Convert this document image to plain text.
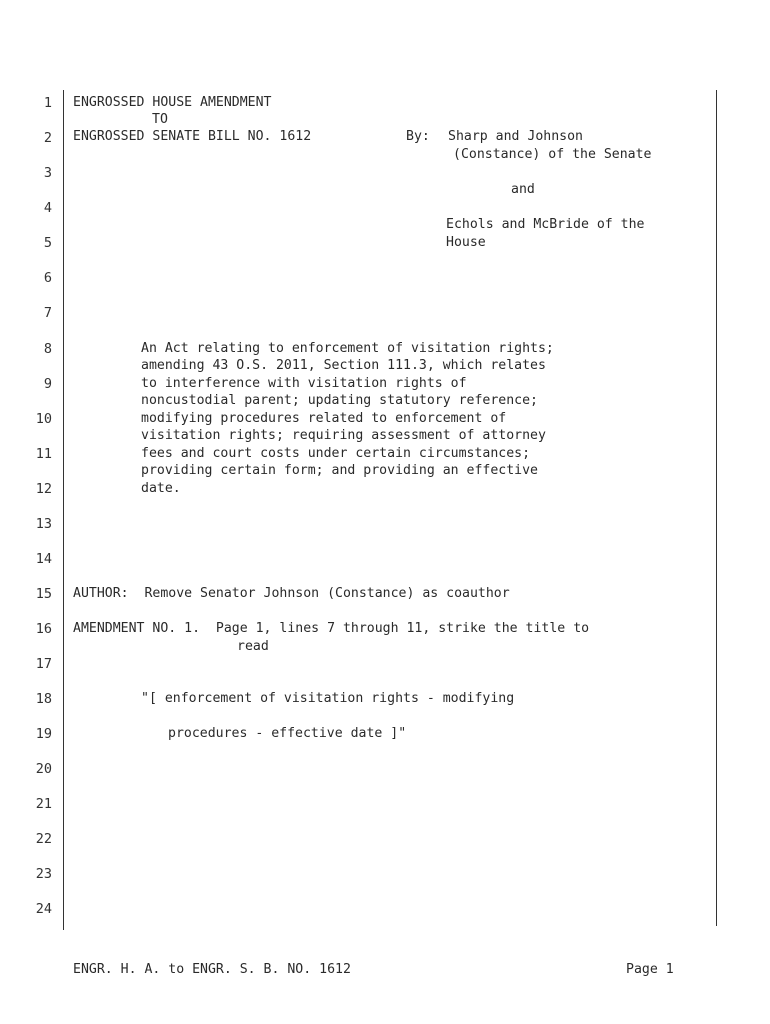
1
2
3
4
5
6
7
8
9
10
11
12
13
14
15
16
17
18
19
20
21
22
23
24
ENGROSSED HOUSE AMENDMENT
TO
ENGROSSED SENATE BILL NO. 1612	By: Sharp and Johnson
(Constance) of the Senate
and
Echols and McBride of the
House
An Act relating to enforcement of visitation rights;
amending 43 O.S. 2011, Section 111.3, which relates
to interference with visitation rights of
noncustodial parent; updating statutory reference;
modifying procedures related to enforcement of
visitation rights; requiring assessment of attorney
fees and court costs under certain circumstances;
providing certain form; and providing an effective
date.
AUTHOR:  Remove Senator Johnson (Constance) as coauthor
AMENDMENT NO. 1.  Page 1, lines 7 through 11, strike the title to
read
"[ enforcement of visitation rights - modifying
procedures - effective date ]"
ENGR. H. A. to ENGR. S. B. NO. 1612	Page 1
